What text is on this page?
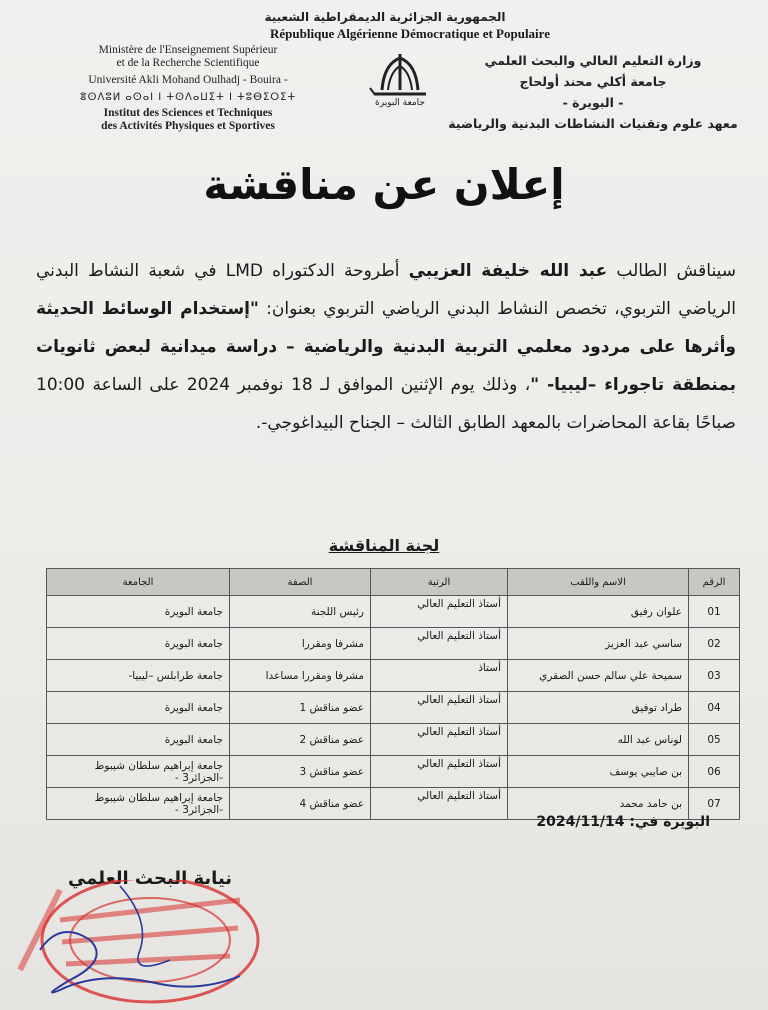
الجمهورية الجزائرية الديمقراطية الشعبية
République Algérienne Démocratique et Populaire
Ministère de l'Enseignement Supérieur
et de la Recherche Scientifique
Université Akli Mohand Oulhadj - Bouira -
ⴻⵙⴷⵓⵍ ⴰⵙⴰⵏ ⵏ ⵜⵙⴷⴰⵡⵉⵜ ⵏ ⵜⵓⴱⵉⵔⵉⵜ
Institut des Sciences et Techniques
des Activités Physiques et Sportives
جامعة البويرة
وزارة التعليم العالي والبحث العلمي
جامعة أكلي محند أولحاج
- البويرة -
معهد علوم وتقنيات النشاطات البدنية والرياضية
إعلان عن مناقشة
سيناقش الطالب عبد الله خليفة العزيبي أطروحة الدكتوراه LMD في شعبة النشاط البدني الرياضي التربوي، تخصص النشاط البدني الرياضي التربوي بعنوان: "إستخدام الوسائط الحديثة وأثرها على مردود معلمي التربية البدنية والرياضية – دراسة ميدانية لبعض ثانويات بمنطقة تاجوراء –ليبيا- "، وذلك يوم الإثنين الموافق لـ 18 نوفمبر 2024 على الساعة 10:00 صباحًا بقاعة المحاضرات بالمعهد الطابق الثالث – الجناح البيداغوجي-.
لجنة المناقشة
الرقم	الاسم واللقب	الرتبة	الصفة	الجامعة
01	علوان رفيق	أستاذ التعليم العالي	رئيس اللجنة	جامعة البويرة
02	ساسي عبد العزيز	أستاذ التعليم العالي	مشرفا ومقررا	جامعة البويرة
03	سميحة علي سالم حسن الصقري	أستاذ	مشرفا ومقررا مساعدا	جامعة طرابلس –ليبيا-
04	طراد توفيق	أستاذ التعليم العالي	عضو مناقش 1	جامعة البويرة
05	لوناس عبد الله	أستاذ التعليم العالي	عضو مناقش 2	جامعة البويرة
06	بن صايبي يوسف	أستاذ التعليم العالي	عضو مناقش 3	جامعة إبراهيم سلطان شيبوط -الجزائر3 -
07	بن حامد محمد	أستاذ التعليم العالي	عضو مناقش 4	جامعة إبراهيم سلطان شيبوط -الجزائر3 -
البويرة في: 2024/11/14
نيابة البحث العلمي
